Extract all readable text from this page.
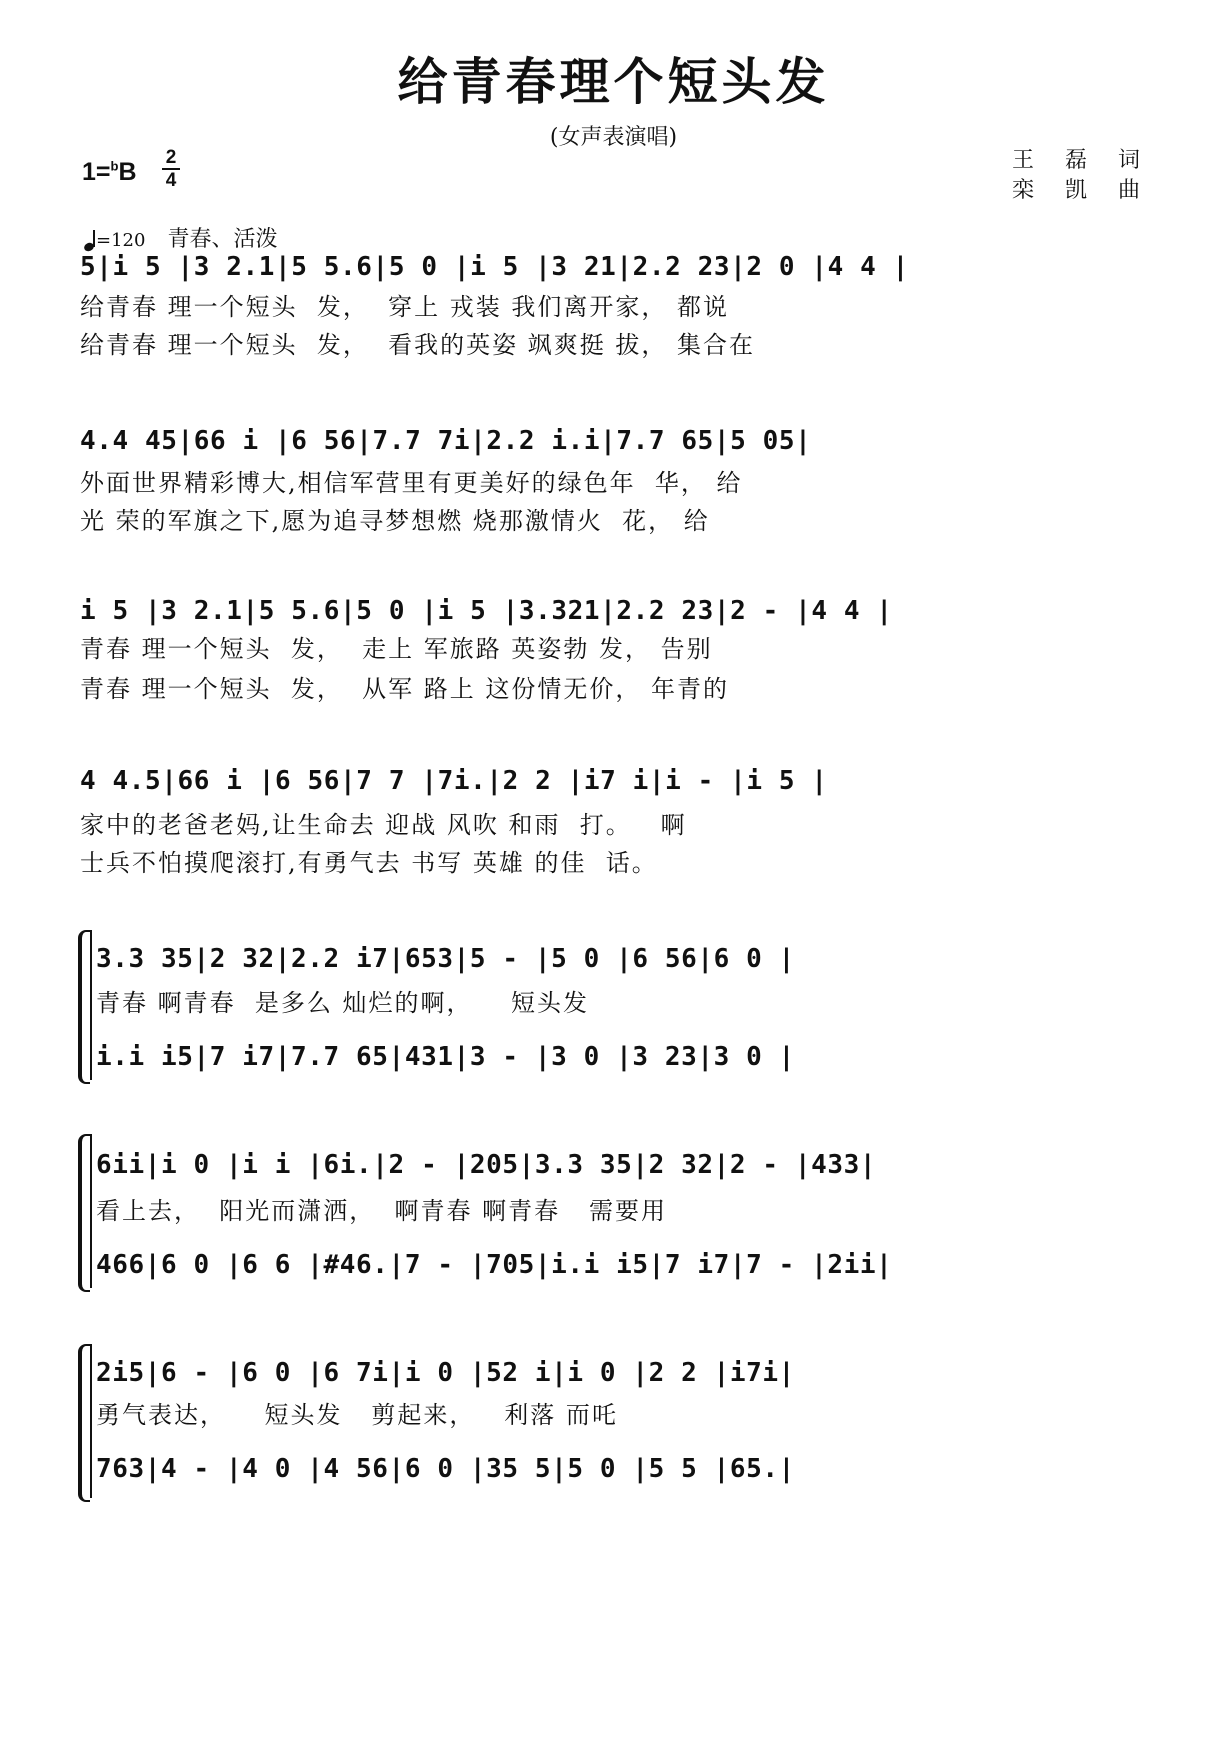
给青春理个短头发
(女声表演唱)
1=$^b$B
2
4
王 磊 词
栾 凯 曲
=120 青春、活泼
5|i 5 |3 2.1|5 5.6|5 0 |i 5 |3 21|2.2 23|2 0 |4 4 |
给青春 理一个短头  发，  穿上 戎装 我们离开家， 都说
给青春 理一个短头  发，  看我的英姿 飒爽挺 拔， 集合在
4.4 45|66 i |6 56|7.7 7i|2.2 i.i|7.7 65|5 05|
外面世界精彩博大,相信军营里有更美好的绿色年  华， 给
光 荣的军旗之下,愿为追寻梦想燃 烧那激情火  花， 给
i 5 |3 2.1|5 5.6|5 0 |i 5 |3.321|2.2 23|2 - |4 4 |
青春 理一个短头  发，  走上 军旅路 英姿勃 发， 告别
青春 理一个短头  发，  从军 路上 这份情无价， 年青的
4 4.5|66 i |6 56|7 7 |7i.|2 2 |i7 i|i - |i 5 |
家中的老爸老妈,让生命去 迎战 风吹 和雨  打。   啊
士兵不怕摸爬滚打,有勇气去 书写 英雄 的佳  话。
3.3 35|2 32|2.2 i7|653|5 - |5 0 |6 56|6 0 |
青春 啊青春  是多么 灿烂的啊，    短头发
i.i i5|7 i7|7.7 65|431|3 - |3 0 |3 23|3 0 |
6ii|i 0 |i i |6i.|2 - |205|3.3 35|2 32|2 - |433|
看上去，  阳光而潇洒，  啊青春 啊青春   需要用
466|6 0 |6 6 |#46.|7 - |705|i.i i5|7 i7|7 - |2ii|
2i5|6 - |6 0 |6 7i|i 0 |52 i|i 0 |2 2 |i7i|
勇气表达，    短头发   剪起来，   利落 而吒
763|4 - |4 0 |4 56|6 0 |35 5|5 0 |5 5 |65.|
